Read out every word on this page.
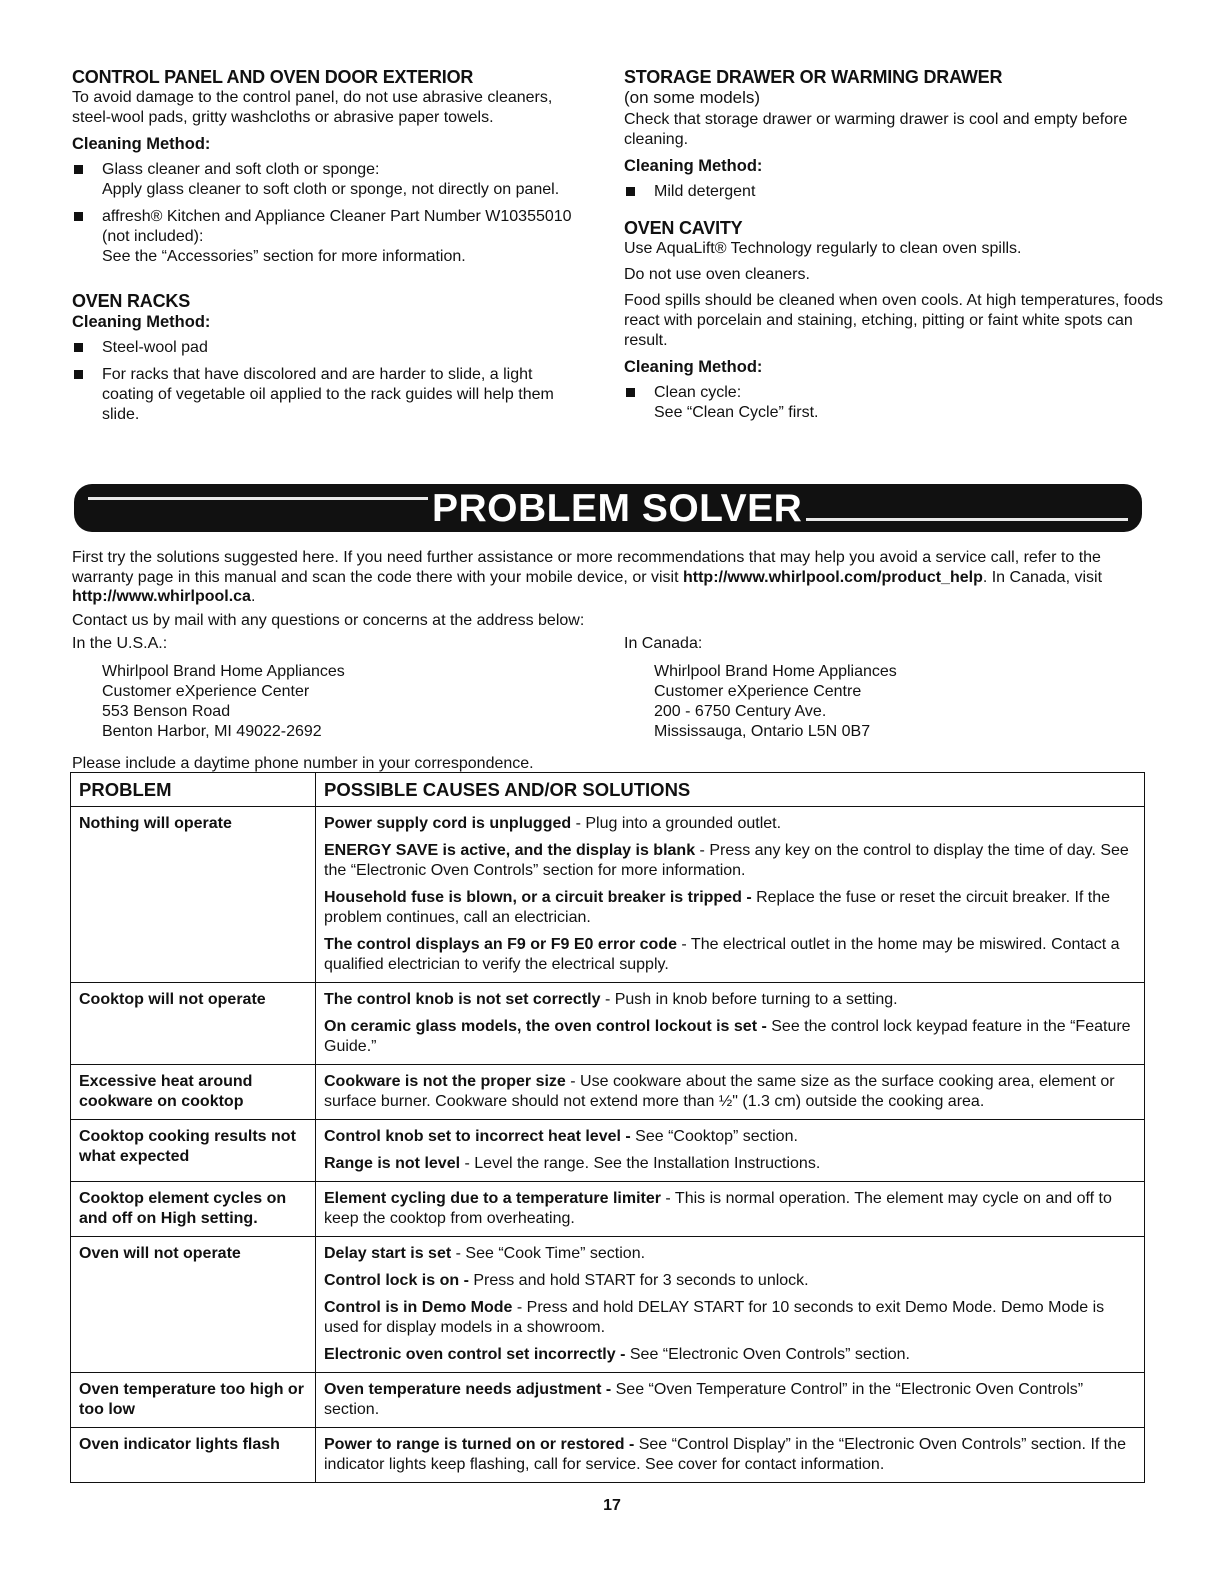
CONTROL PANEL AND OVEN DOOR EXTERIOR

To avoid damage to the control panel, do not use abrasive cleaners, steel-wool pads, gritty washcloths or abrasive paper towels.

Cleaning Method:
Glass cleaner and soft cloth or sponge:
Apply glass cleaner to soft cloth or sponge, not directly on panel.
affresh® Kitchen and Appliance Cleaner Part Number W10355010 (not included):
See the “Accessories” section for more information.
OVEN RACKS
Cleaning Method:
Steel-wool pad
For racks that have discolored and are harder to slide, a light coating of vegetable oil applied to the rack guides will help them slide.
STORAGE DRAWER OR WARMING DRAWER

(on some models)

Check that storage drawer or warming drawer is cool and empty before cleaning.

Cleaning Method:
Mild detergent
OVEN CAVITY

Use AquaLift® Technology regularly to clean oven spills.

Do not use oven cleaners.

Food spills should be cleaned when oven cools. At high temperatures, foods react with porcelain and staining, etching, pitting or faint white spots can result.

Cleaning Method:
Clean cycle:
See “Clean Cycle” first.
PROBLEM SOLVER

First try the solutions suggested here. If you need further assistance or more recommendations that may help you avoid a service call, refer to the warranty page in this manual and scan the code there with your mobile device, or visit http://www.whirlpool.com/product_help. In Canada, visit http://www.whirlpool.ca.

Contact us by mail with any questions or concerns at the address below:

In the U.S.A.:
Whirlpool Brand Home Appliances
Customer eXperience Center
553 Benson Road
Benton Harbor, MI 49022-2692
In Canada:
Whirlpool Brand Home Appliances
Customer eXperience Centre
200 - 6750 Century Ave.
Mississauga, Ontario L5N 0B7

Please include a daytime phone number in your correspondence.

PROBLEM	POSSIBLE CAUSES AND/OR SOLUTIONS
Nothing will operate	Power supply cord is unplugged - Plug into a grounded outlet.
ENERGY SAVE is active, and the display is blank - Press any key on the control to display the time of day. See the “Electronic Oven Controls” section for more information.
Household fuse is blown, or a circuit breaker is tripped - Replace the fuse or reset the circuit breaker. If the problem continues, call an electrician.
The control displays an F9 or F9 E0 error code - The electrical outlet in the home may be miswired. Contact a qualified electrician to verify the electrical supply.

Cooktop will not operate	The control knob is not set correctly - Push in knob before turning to a setting.
On ceramic glass models, the oven control lockout is set - See the control lock keypad feature in the “Feature Guide.”

Excessive heat around cookware on cooktop	Cookware is not the proper size - Use cookware about the same size as the surface cooking area, element or surface burner. Cookware should not extend more than ½" (1.3 cm) outside the cooking area.

Cooktop cooking results not what expected	Control knob set to incorrect heat level - See “Cooktop” section.
Range is not level - Level the range. See the Installation Instructions.

Cooktop element cycles on and off on High setting.	Element cycling due to a temperature limiter - This is normal operation. The element may cycle on and off to keep the cooktop from overheating.

Oven will not operate	Delay start is set - See “Cook Time” section.
Control lock is on - Press and hold START for 3 seconds to unlock.
Control is in Demo Mode - Press and hold DELAY START for 10 seconds to exit Demo Mode. Demo Mode is used for display models in a showroom.
Electronic oven control set incorrectly - See “Electronic Oven Controls” section.

Oven temperature too high or too low	Oven temperature needs adjustment - See “Oven Temperature Control” in the “Electronic Oven Controls” section.

Oven indicator lights flash	Power to range is turned on or restored - See “Control Display” in the “Electronic Oven Controls” section. If the indicator lights keep flashing, call for service. See cover for contact information.
17
